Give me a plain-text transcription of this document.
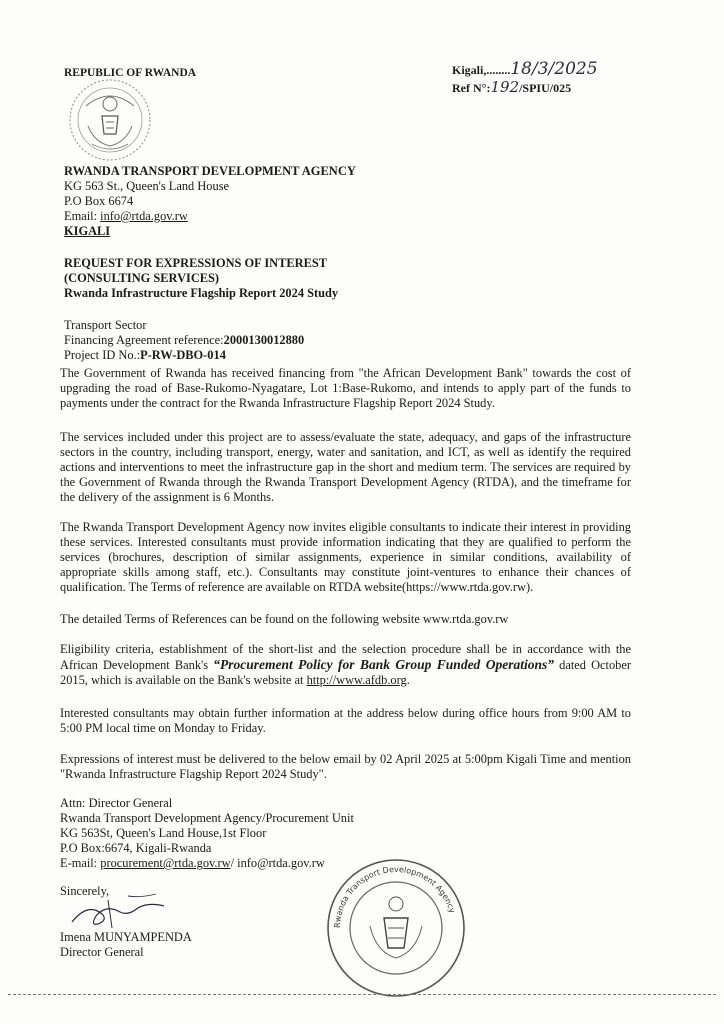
REPUBLIC OF RWANDA	Kigali,........18/3/2025
Ref N°:192/SPIU/025
RWANDA TRANSPORT DEVELOPMENT AGENCY
KG 563 St., Queen's Land House
P.O Box 6674
Email: info@rtda.gov.rw
KIGALI
REQUEST FOR EXPRESSIONS OF INTEREST
(CONSULTING SERVICES)
Rwanda Infrastructure Flagship Report 2024 Study
Transport Sector
Financing Agreement reference:2000130012880
Project ID No.:P-RW-DBO-014
The Government of Rwanda has received financing from "the African Development Bank" towards the cost of upgrading the road of Base-Rukomo-Nyagatare, Lot 1:Base-Rukomo, and intends to apply part of the funds to payments under the contract for the Rwanda Infrastructure Flagship Report 2024 Study.
The services included under this project are to assess/evaluate the state, adequacy, and gaps of the infrastructure sectors in the country, including transport, energy, water and sanitation, and ICT, as well as identify the required actions and interventions to meet the infrastructure gap in the short and medium term. The services are required by the Government of Rwanda through the Rwanda Transport Development Agency (RTDA), and the timeframe for the delivery of the assignment is 6 Months.
The Rwanda Transport Development Agency now invites eligible consultants to indicate their interest in providing these services. Interested consultants must provide information indicating that they are qualified to perform the services (brochures, description of similar assignments, experience in similar conditions, availability of appropriate skills among staff, etc.). Consultants may constitute joint-ventures to enhance their chances of qualification. The Terms of reference are available on RTDA website(https://www.rtda.gov.rw).
The detailed Terms of References can be found on the following website www.rtda.gov.rw
Eligibility criteria, establishment of the short-list and the selection procedure shall be in accordance with the African Development Bank's “Procurement Policy for Bank Group Funded Operations” dated October 2015, which is available on the Bank's website at http://www.afdb.org.
Interested consultants may obtain further information at the address below during office hours from 9:00 AM to 5:00 PM local time on Monday to Friday.
Expressions of interest must be delivered to the below email by 02 April 2025 at 5:00pm Kigali Time and mention "Rwanda Infrastructure Flagship Report 2024 Study".
Attn: Director General
Rwanda Transport Development Agency/Procurement Unit
KG 563St, Queen's Land House,1st Floor
P.O Box:6674, Kigali-Rwanda
E-mail: procurement@rtda.gov.rw/ info@rtda.gov.rw
Sincerely,
Imena MUNYAMPENDA
Director General
Rwanda Transport Development Agency
